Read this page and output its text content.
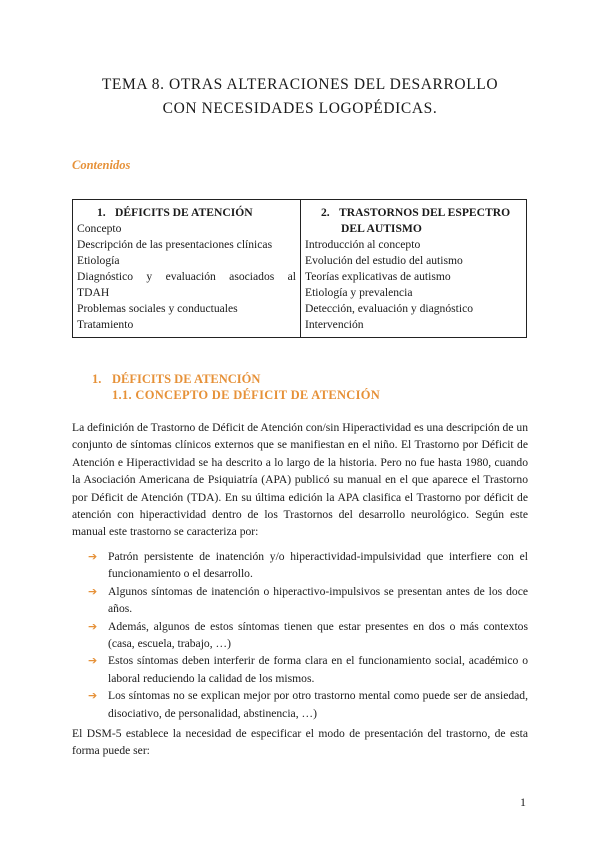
TEMA 8. OTRAS ALTERACIONES DEL DESARROLLO
CON NECESIDADES LOGOPÉDICAS.
Contenidos
1. DÉFICITS DE ATENCIÓN
Concepto
Descripción de las presentaciones clínicas
Etiología
Diagnóstico y evaluación asociados al
TDAH
Problemas sociales y conductuales
Tratamiento
2. TRASTORNOS DEL ESPECTRO
DEL AUTISMO
Introducción al concepto
Evolución del estudio del autismo
Teorías explicativas de autismo
Etiología y prevalencia
Detección, evaluación y diagnóstico
Intervención
1. DÉFICITS DE ATENCIÓN
1.1. CONCEPTO DE DÉFICIT DE ATENCIÓN
La definición de Trastorno de Déficit de Atención con/sin Hiperactividad es una descripción de un conjunto de síntomas clínicos externos que se manifiestan en el niño. El Trastorno por Déficit de Atención e Hiperactividad se ha descrito a lo largo de la historia. Pero no fue hasta 1980, cuando la Asociación Americana de Psiquiatría (APA) publicó su manual en el que aparece el Trastorno por Déficit de Atención (TDA). En su última edición la APA clasifica el Trastorno por déficit de atención con hiperactividad dentro de los Trastornos del desarrollo neurológico. Según este manual este trastorno se caracteriza por:
➔ Patrón persistente de inatención y/o hiperactividad-impulsividad que interfiere con el funcionamiento o el desarrollo.
➔ Algunos síntomas de inatención o hiperactivo-impulsivos se presentan antes de los doce años.
➔ Además, algunos de estos síntomas tienen que estar presentes en dos o más contextos (casa, escuela, trabajo, …)
➔ Estos síntomas deben interferir de forma clara en el funcionamiento social, académico o laboral reduciendo la calidad de los mismos.
➔ Los síntomas no se explican mejor por otro trastorno mental como puede ser de ansiedad, disociativo, de personalidad, abstinencia, …)
El DSM-5 establece la necesidad de especificar el modo de presentación del trastorno, de esta forma puede ser:
1
